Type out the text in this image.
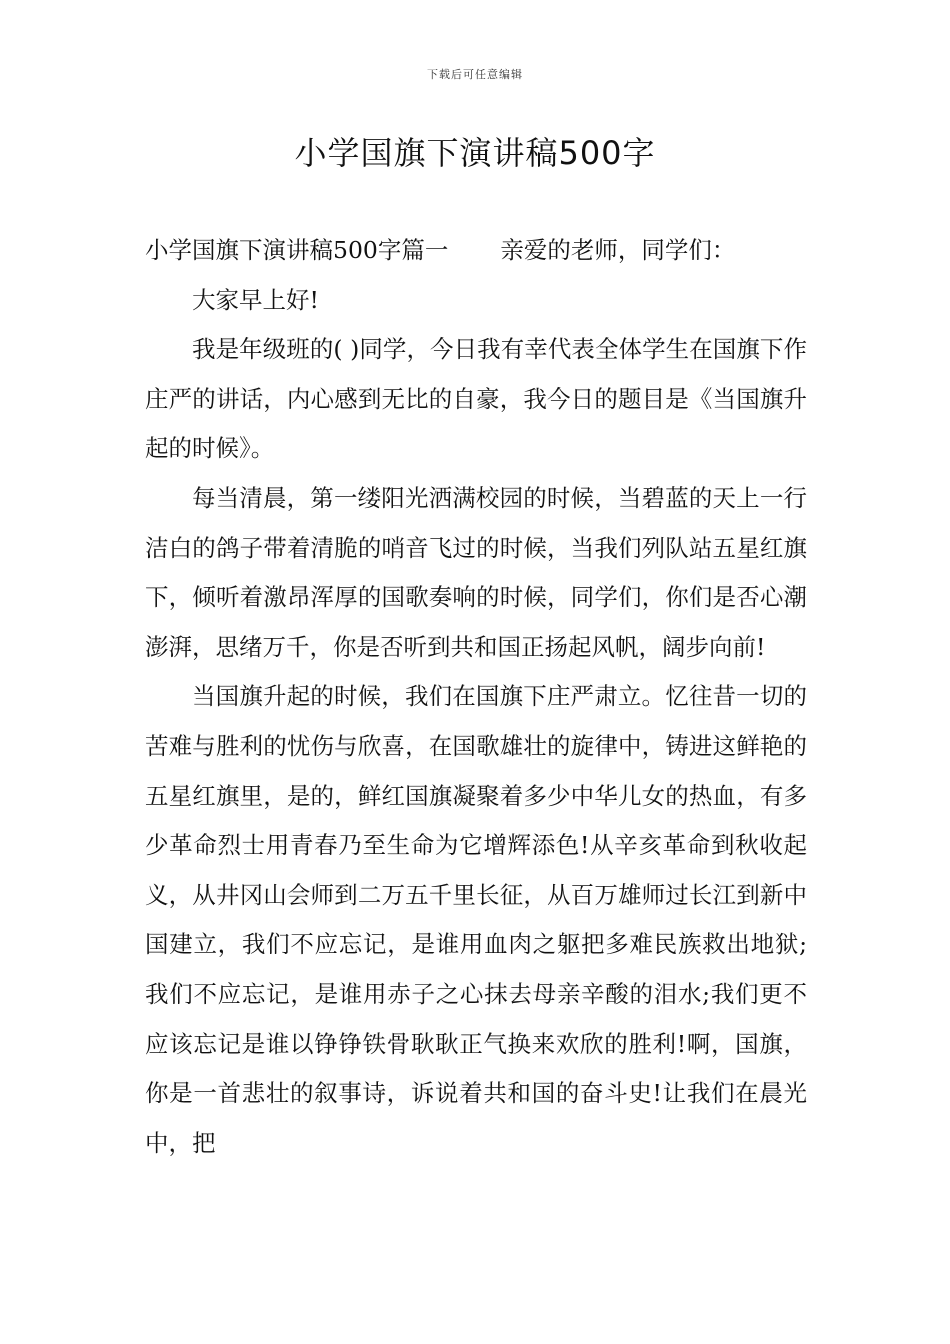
下载后可任意编辑
小学国旗下演讲稿500字

小学国旗下演讲稿500字篇一 亲爱的老师，同学们：

大家早上好!

我是年级班的( )同学，今日我有幸代表全体学生在国旗下作庄严的讲话，内心感到无比的自豪，我今日的题目是《当国旗升起的时候》。

每当清晨，第一缕阳光洒满校园的时候，当碧蓝的天上一行洁白的鸽子带着清脆的哨音飞过的时候，当我们列队站五星红旗下，倾听着激昂浑厚的国歌奏响的时候，同学们，你们是否心潮澎湃，思绪万千，你是否听到共和国正扬起风帆，阔步向前!

当国旗升起的时候，我们在国旗下庄严肃立。忆往昔一切的苦难与胜利的忧伤与欣喜，在国歌雄壮的旋律中，铸进这鲜艳的五星红旗里，是的，鲜红国旗凝聚着多少中华儿女的热血，有多少革命烈士用青春乃至生命为它增辉添色!从辛亥革命到秋收起义，从井冈山会师到二万五千里长征，从百万雄师过长江到新中国建立，我们不应忘记，是谁用血肉之躯把多难民族救出地狱;我们不应忘记，是谁用赤子之心抹去母亲辛酸的泪水;我们更不应该忘记是谁以铮铮铁骨耿耿正气换来欢欣的胜利!啊，国旗，你是一首悲壮的叙事诗，诉说着共和国的奋斗史!让我们在晨光中，把
